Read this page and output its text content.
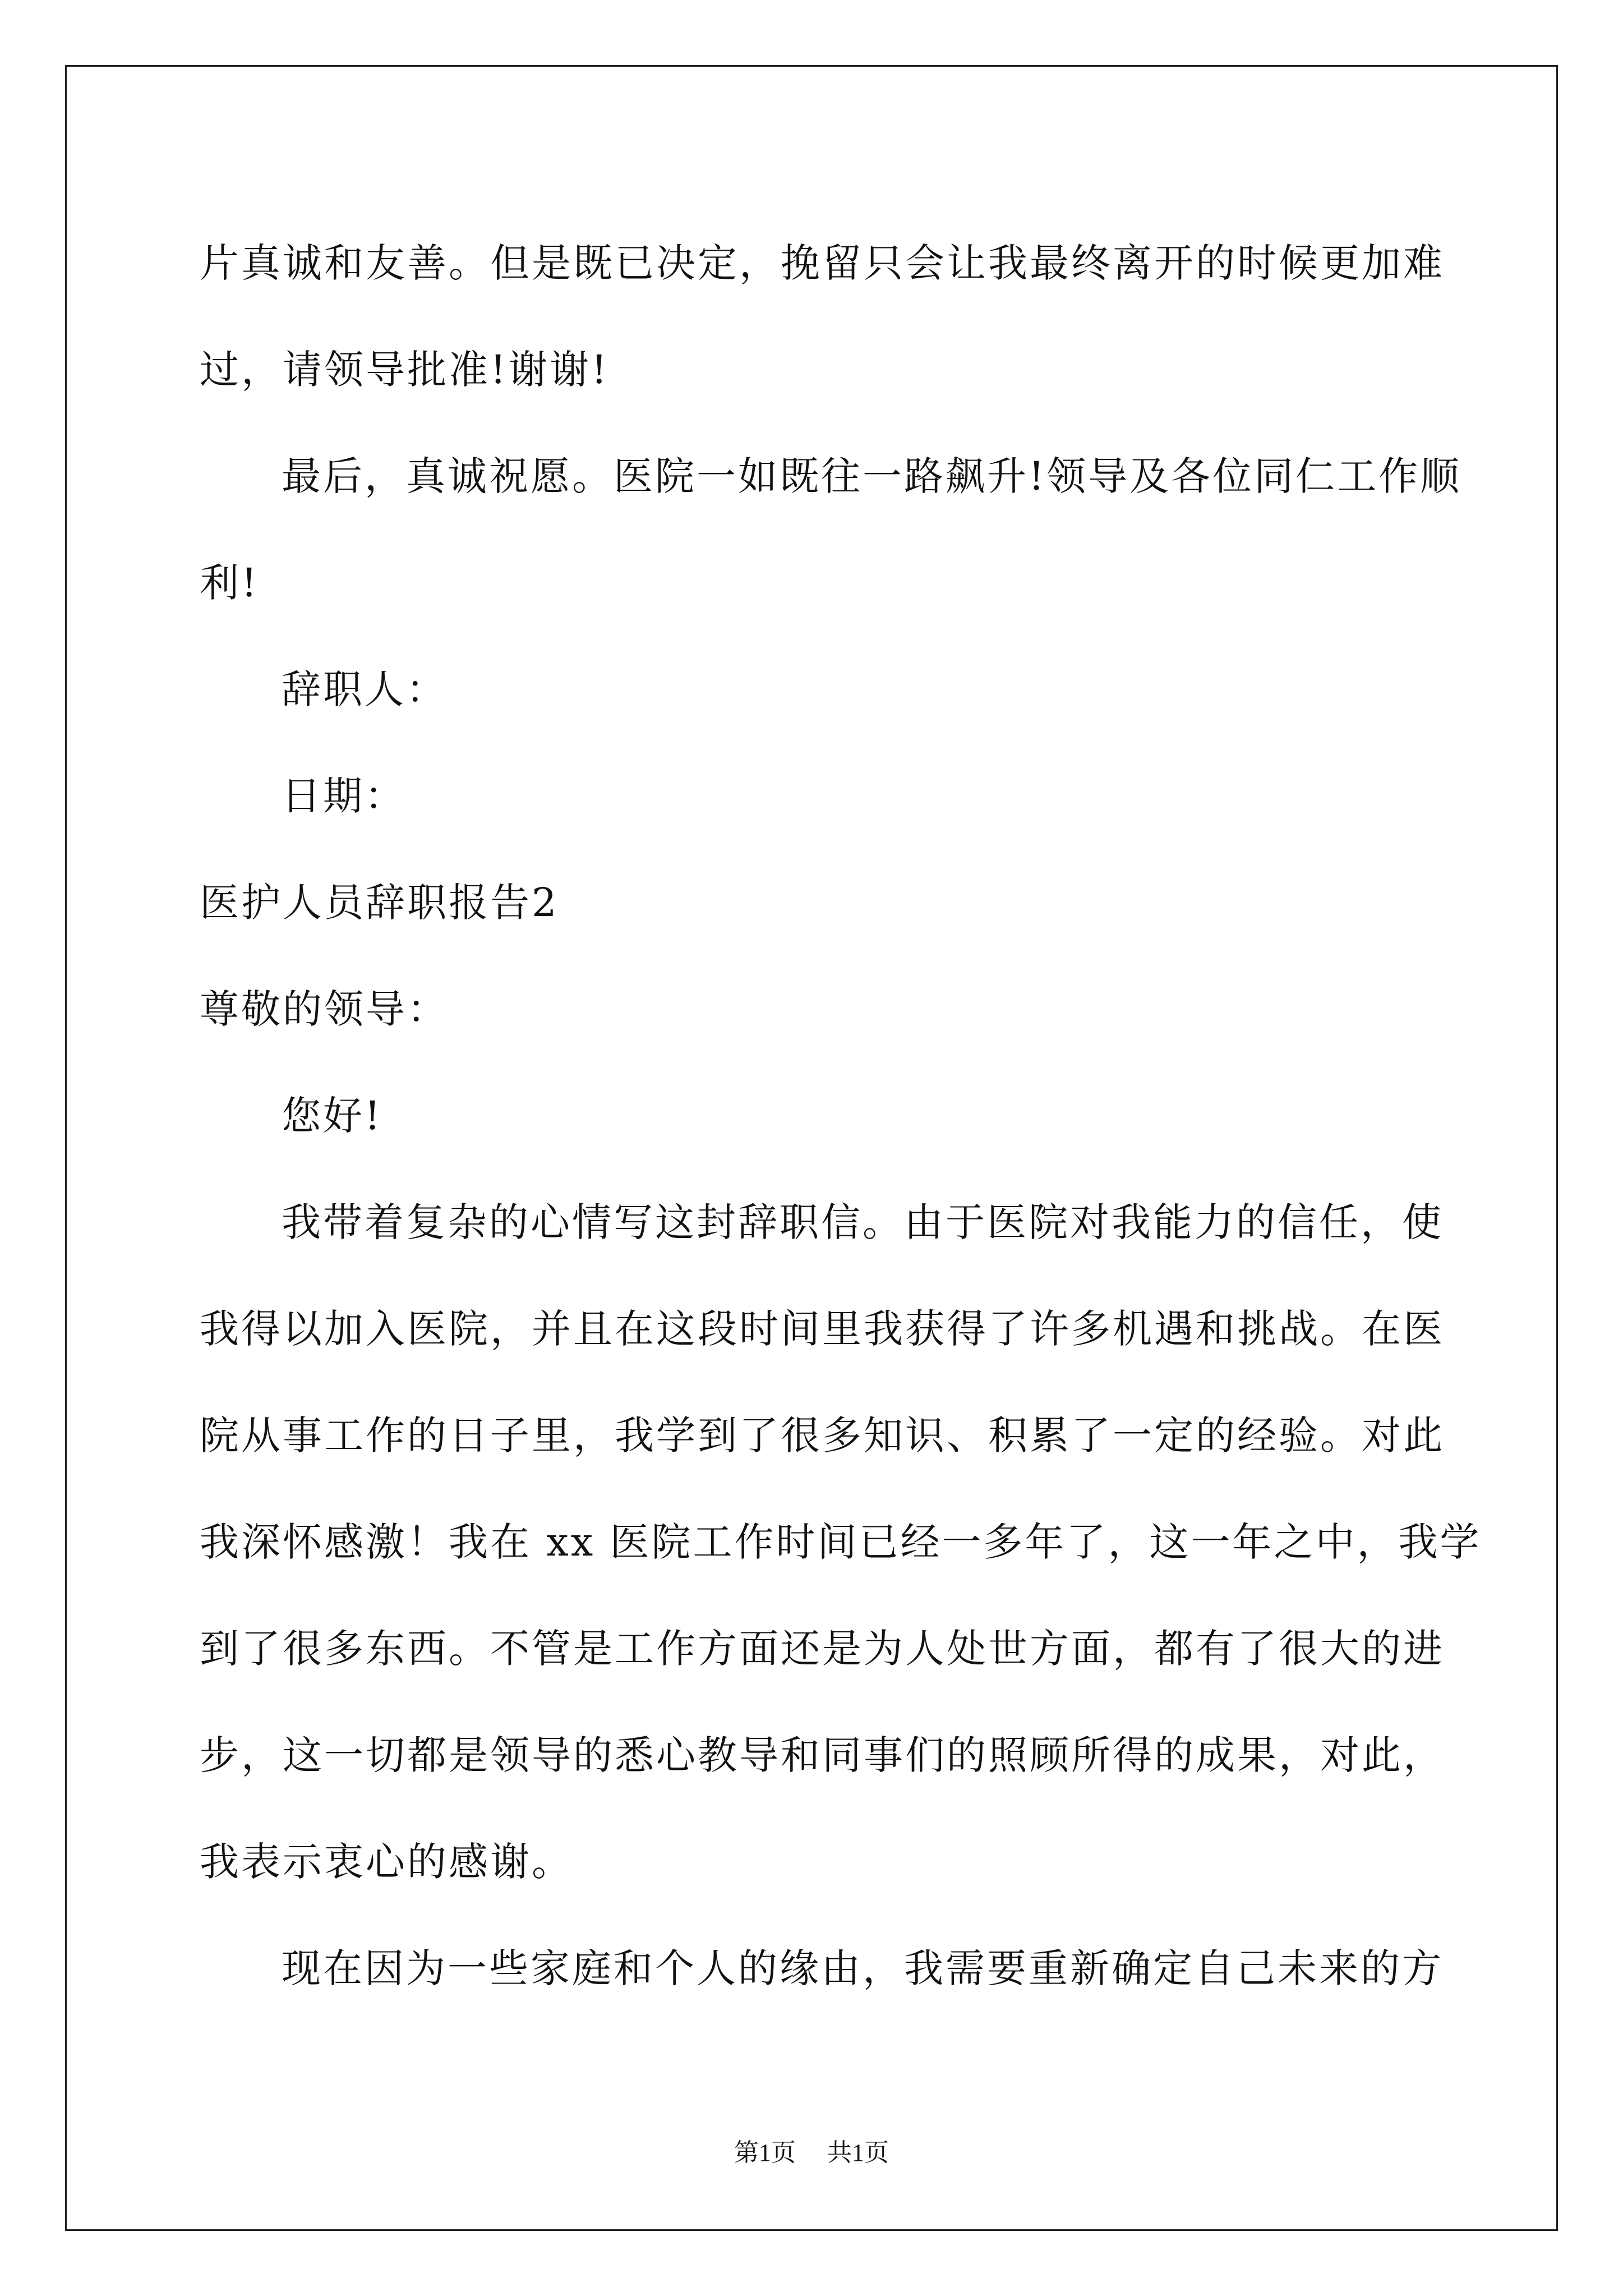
片真诚和友善。但是既已决定，挽留只会让我最终离开的时候更加难
过，请领导批准!谢谢!
最后，真诚祝愿。医院一如既往一路飙升!领导及各位同仁工作顺
利!
辞职人：
日期：
医护人员辞职报告2
尊敬的领导：
您好!
我带着复杂的心情写这封辞职信。由于医院对我能力的信任，使
我得以加入医院，并且在这段时间里我获得了许多机遇和挑战。在医
院从事工作的日子里，我学到了很多知识、积累了一定的经验。对此
我深怀感激！我在 xx 医院工作时间已经一多年了，这一年之中，我学
到了很多东西。不管是工作方面还是为人处世方面，都有了很大的进
步，这一切都是领导的悉心教导和同事们的照顾所得的成果，对此，
我表示衷心的感谢。
现在因为一些家庭和个人的缘由，我需要重新确定自己未来的方
第1页 共1页
